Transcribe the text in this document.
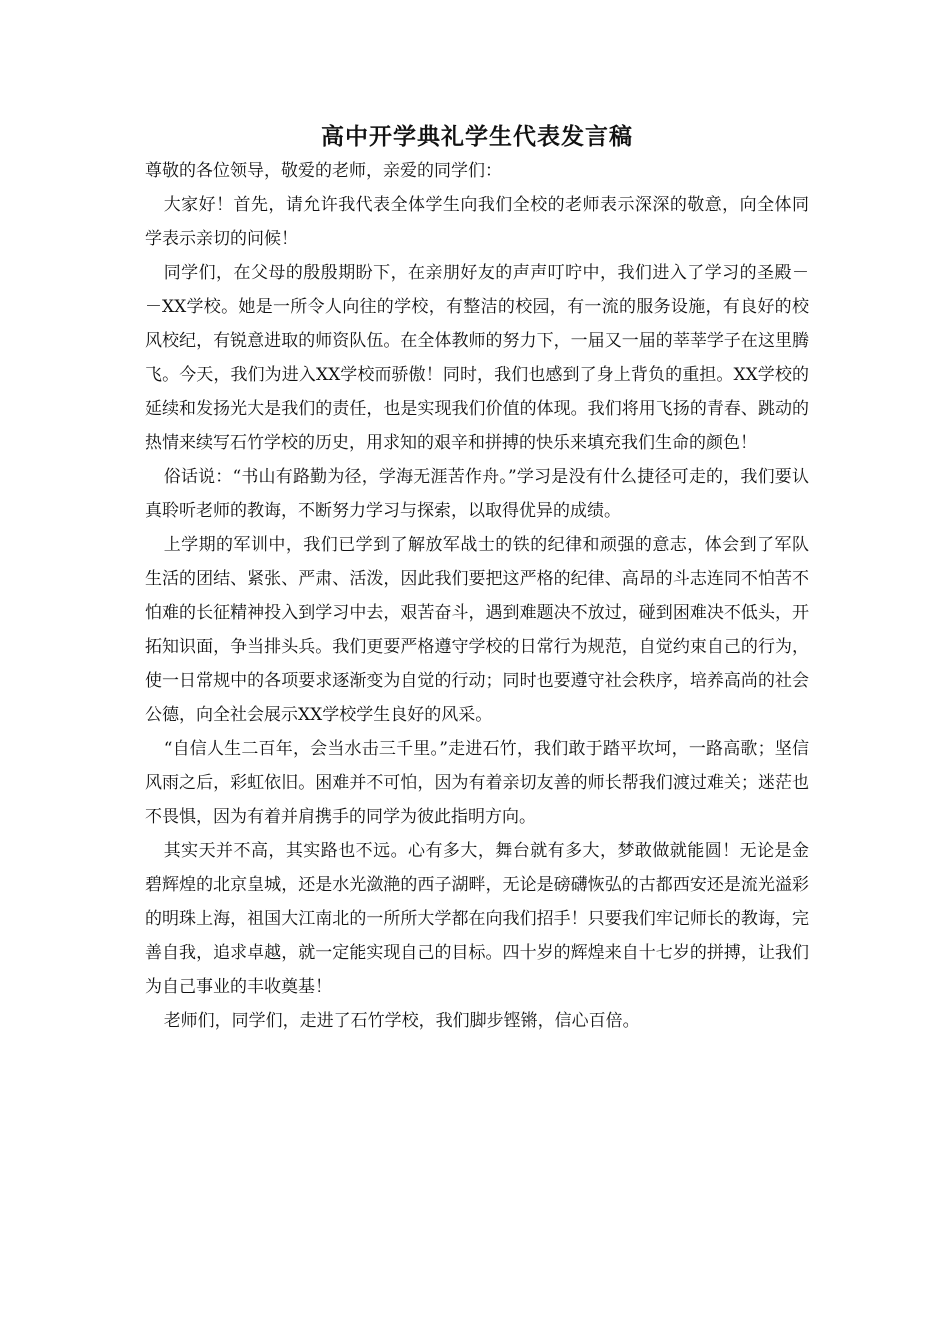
高中开学典礼学生代表发言稿

尊敬的各位领导，敬爱的老师，亲爱的同学们：

大家好！首先，请允许我代表全体学生向我们全校的老师表示深深的敬意，向全体同学表示亲切的问候！

同学们，在父母的殷殷期盼下，在亲朋好友的声声叮咛中，我们进入了学习的圣殿－－XX学校。她是一所令人向往的学校，有整洁的校园，有一流的服务设施，有良好的校风校纪，有锐意进取的师资队伍。在全体教师的努力下，一届又一届的莘莘学子在这里腾飞。今天，我们为进入XX学校而骄傲！同时，我们也感到了身上背负的重担。XX学校的延续和发扬光大是我们的责任，也是实现我们价值的体现。我们将用飞扬的青春、跳动的热情来续写石竹学校的历史，用求知的艰辛和拼搏的快乐来填充我们生命的颜色！

俗话说：“书山有路勤为径，学海无涯苦作舟。”学习是没有什么捷径可走的，我们要认真聆听老师的教诲，不断努力学习与探索，以取得优异的成绩。

上学期的军训中，我们已学到了解放军战士的铁的纪律和顽强的意志，体会到了军队生活的团结、紧张、严肃、活泼，因此我们要把这严格的纪律、高昂的斗志连同不怕苦不怕难的长征精神投入到学习中去，艰苦奋斗，遇到难题决不放过，碰到困难决不低头，开拓知识面，争当排头兵。我们更要严格遵守学校的日常行为规范，自觉约束自己的行为，使一日常规中的各项要求逐渐变为自觉的行动；同时也要遵守社会秩序，培养高尚的社会公德，向全社会展示XX学校学生良好的风采。

“自信人生二百年，会当水击三千里。”走进石竹，我们敢于踏平坎坷，一路高歌；坚信风雨之后，彩虹依旧。困难并不可怕，因为有着亲切友善的师长帮我们渡过难关；迷茫也不畏惧，因为有着并肩携手的同学为彼此指明方向。

其实天并不高，其实路也不远。心有多大，舞台就有多大，梦敢做就能圆！无论是金碧辉煌的北京皇城，还是水光潋滟的西子湖畔，无论是磅礴恢弘的古都西安还是流光溢彩的明珠上海，祖国大江南北的一所所大学都在向我们招手！只要我们牢记师长的教诲，完善自我，追求卓越，就一定能实现自己的目标。四十岁的辉煌来自十七岁的拼搏，让我们为自己事业的丰收奠基！

老师们，同学们，走进了石竹学校，我们脚步铿锵，信心百倍。
